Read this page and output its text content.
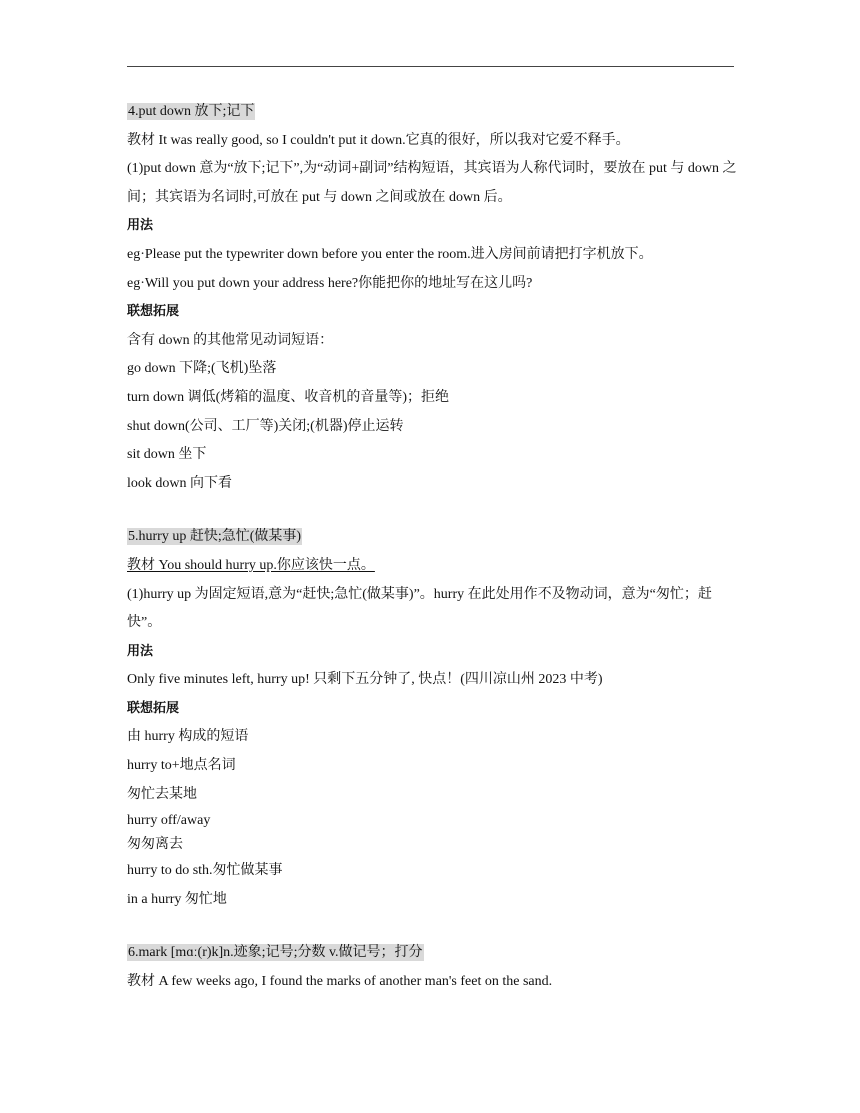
4.put down 放下;记下
教材 It was really good, so I couldn't put it down.它真的很好，所以我对它爱不释手。
(1)put down 意为“放下;记下”,为“动词+副词”结构短语，其宾语为人称代词时，要放在 put 与 down 之间；其宾语为名词时,可放在 put 与 down 之间或放在 down 后。
用法
eg·Please put the typewriter down before you enter the room.进入房间前请把打字机放下。
eg·Will you put down your address here?你能把你的地址写在这儿吗?
联想拓展
含有 down 的其他常见动词短语：
go down 下降;(飞机)坠落
turn down 调低(烤箱的温度、收音机的音量等)；拒绝
shut down(公司、工厂等)关闭;(机器)停止运转
sit down 坐下
look down 向下看
5.hurry up 赶快;急忙(做某事)
教材 You should hurry up.你应该快一点。
(1)hurry up 为固定短语,意为“赶快;急忙(做某事)”。hurry 在此处用作不及物动词，意为“匆忙；赶快”。
用法
Only five minutes left, hurry up! 只剩下五分钟了, 快点！(四川凉山州 2023 中考)
联想拓展
由 hurry 构成的短语
hurry to+地点名词
匆忙去某地
hurry off/away
匆匆离去
hurry to do sth.匆忙做某事
in a hurry 匆忙地
6.mark [mɑː(r)k]n.迹象;记号;分数 v.做记号；打分
教材 A few weeks ago, I found the marks of another man's feet on the sand.
